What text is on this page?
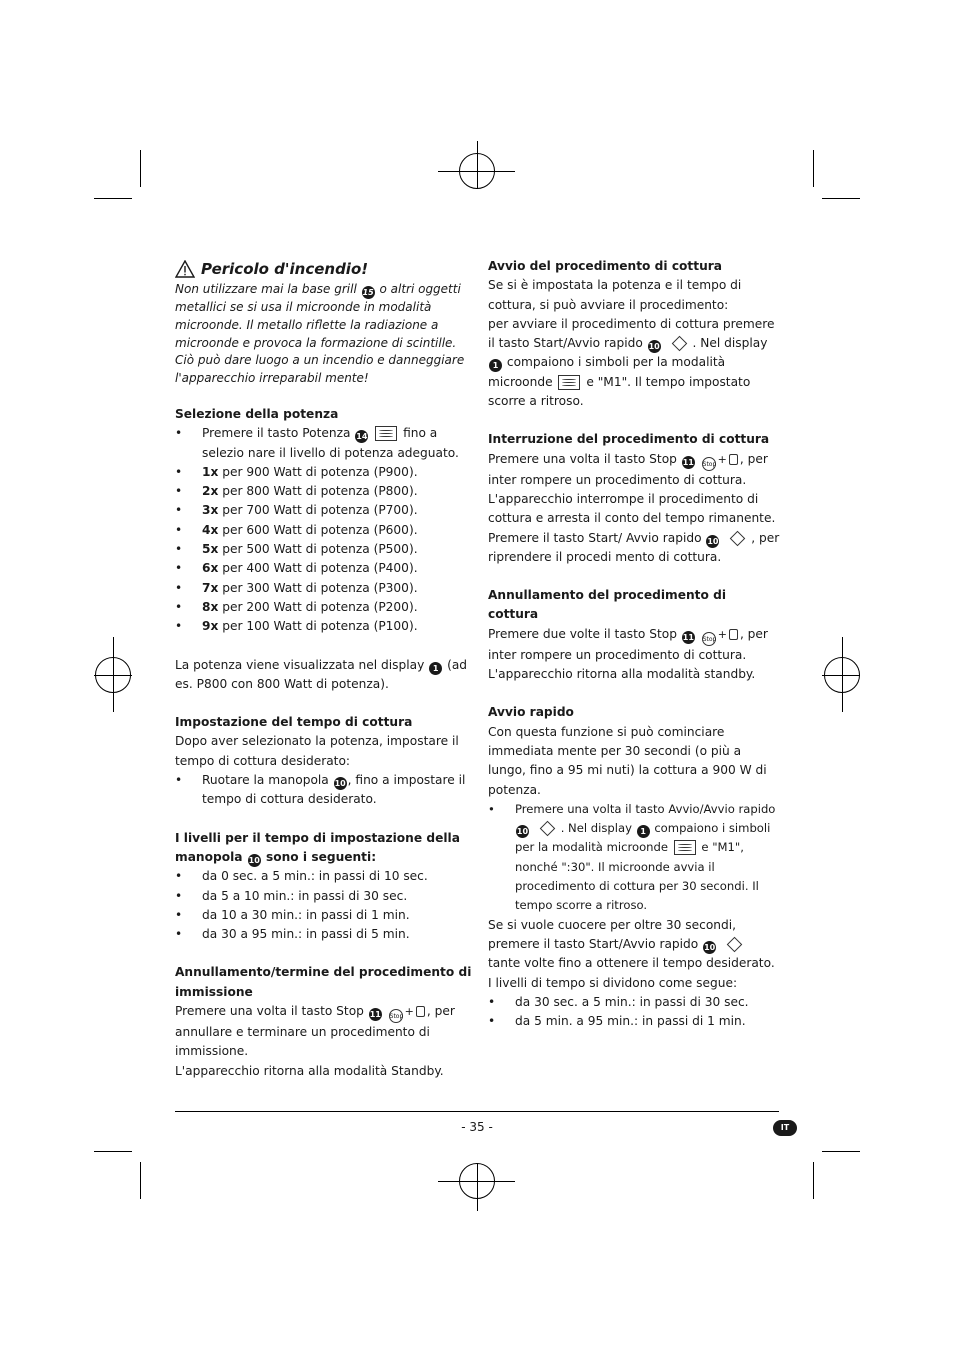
Pericolo d'incendio!

Non utilizzare mai la base grill 15 o altri oggetti metallici se si usa il microonde in modalità microonde. Il metallo riflette la radiazione a microonde e provoca la formazione di scintille. Ciò può dare luogo a un incendio e danneggiare l'apparecchio irreparabil mente!

Selezione della potenza

• Premere il tasto Potenza 14	fino a selezio nare il livello di potenza adeguato.
• 1x per 900 Watt di potenza (P900).
• 2x per 800 Watt di potenza (P800).
• 3x per 700 Watt di potenza (P700).
• 4x per 600 Watt di potenza (P600).
• 5x per 500 Watt di potenza (P500).
• 6x per 400 Watt di potenza (P400).
• 7x per 300 Watt di potenza (P300).
• 8x per 200 Watt di potenza (P200).
• 9x per 100 Watt di potenza (P100).

La potenza viene visualizzata nel display 1 (ad es. P800 con 800 Watt di potenza).

Impostazione del tempo di cottura

Dopo aver selezionato la potenza, impostare il tempo di cottura desiderato:

• Ruotare la manopola 10 , fino a impostare il tempo di cottura desiderato.

I livelli per il tempo di impostazione della manopola 10 sono i seguenti:

• da 0 sec. a 5 min.: in passi di 10 sec.
• da 5 a 10 min.: in passi di 30 sec.
• da 10 a 30 min.: in passi di 1 min.
• da 30 a 95 min.: in passi di 5 min.

Annullamento/termine del procedimento di immissione

Premere una volta il tasto Stop 11 Stop+ , per annullare e terminare un procedimento di immissione.

L'apparecchio ritorna alla modalità Standby.

Avvio del procedimento di cottura

Se si è impostata la potenza e il tempo di cottura, si può avviare il procedimento:

per avviare il procedimento di cottura premere il tasto Start/Avvio rapido 10	. Nel display 1 compaiono i simboli per la modalità microonde	e "M1". Il tempo impostato scorre a ritroso.

Interruzione del procedimento di cottura

Premere una volta il tasto Stop 11 Stop+ , per inter rompere un procedimento di cottura. L'apparecchio interrompe il procedimento di cottura e arresta il conto del tempo rimanente. Premere il tasto Start/ Avvio rapido 10	, per riprendere il procedi mento di cottura.

Annullamento del procedimento di cottura

Premere due volte il tasto Stop 11 Stop+ , per inter rompere un procedimento di cottura. L'apparecchio ritorna alla modalità standby.

Avvio rapido

Con questa funzione si può cominciare immediata mente per 30 secondi (o più a lungo, fino a 95 mi nuti) la cottura a 900 W di potenza.

• Premere una volta il tasto Avvio/Avvio rapido 10	. Nel display 1 compaiono i simboli per la modalità microonde	e "M1", nonché ":30". Il microonde avvia il procedimento di cottura per 30 secondi. Il tempo scorre a ritroso.

Se si vuole cuocere per oltre 30 secondi, premere il tasto Start/Avvio rapido 10  tante volte fino a ottenere il tempo desiderato.

I livelli di tempo si dividono come segue:

• da 30 sec. a 5 min.: in passi di 30 sec.
• da 5 min. a 95 min.: in passi di 1 min.
- 35 -	IT
